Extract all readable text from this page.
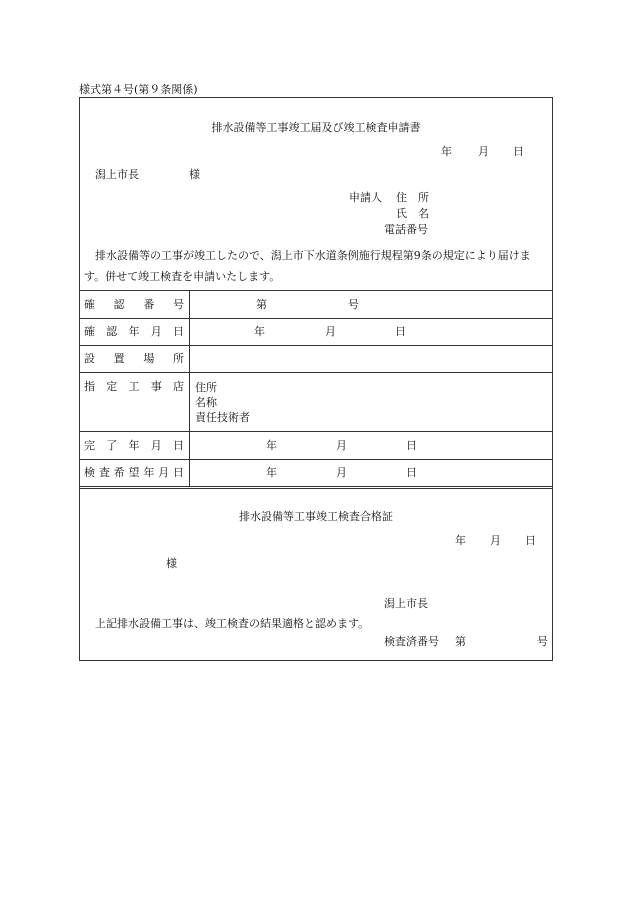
様式第４号(第９条関係)
排水設備等工事竣工届及び竣工検査申請書
年 月 日
潟上市長	様
申請人 住　所
氏　名
電話番号
排水設備等の工事が竣工したので、潟上市下水道条例施行規程第9条の規定により届けます。併せて竣工検査を申請いたします。
確 認 番 号	第	号
確 認 年 月 日	年	月	日
設 置 場 所
指 定 工 事 店 住所
名称
責任技術者
完 了 年 月 日	年	月	日
検 査 希 望 年 月 日	年	月	日
排水設備等工事竣工検査合格証
年 月 日
様
潟上市長
上記排水設備工事は、竣工検査の結果適格と認めます。
検査済番号 第	号
